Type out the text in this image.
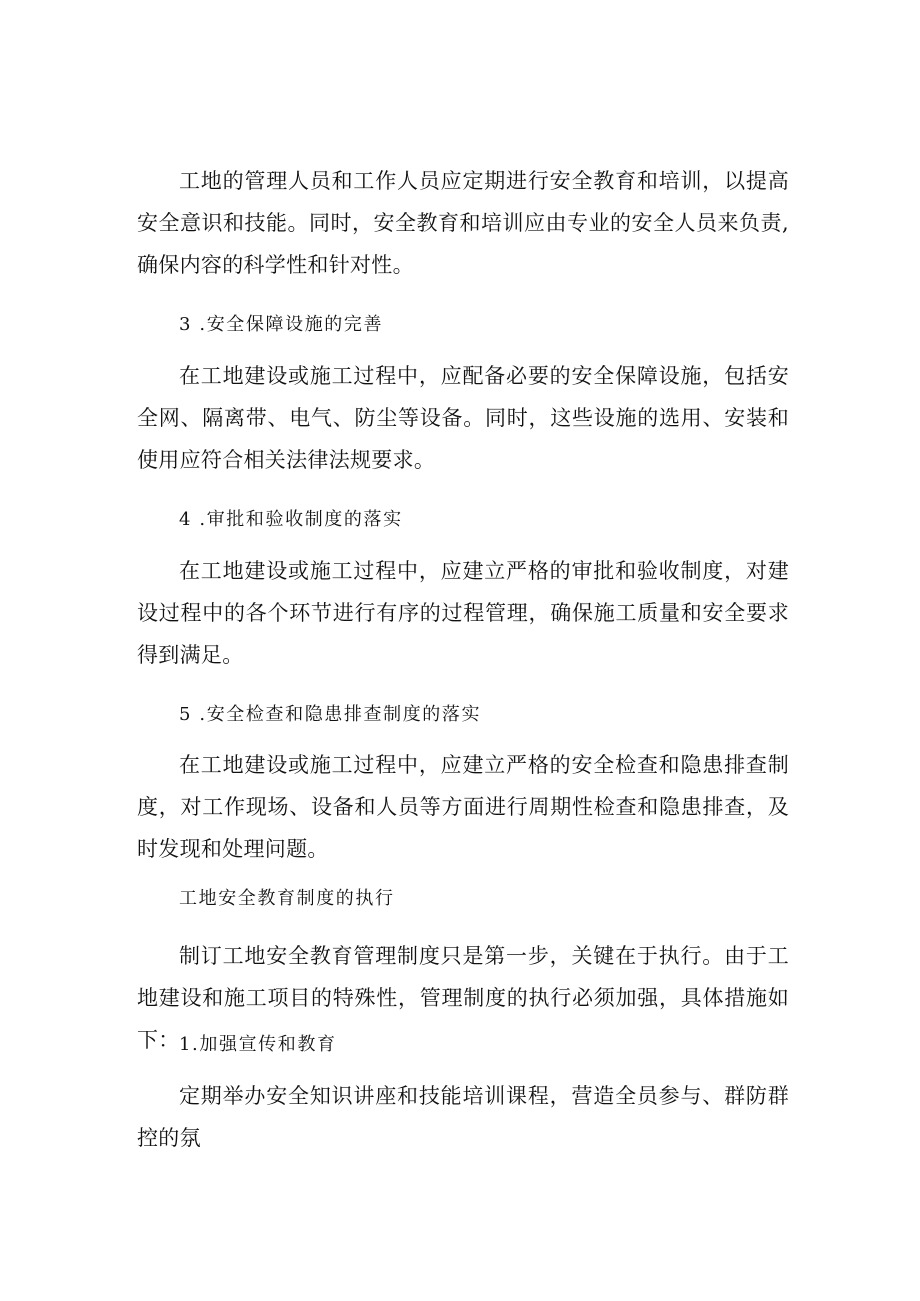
工地的管理人员和工作人员应定期进行安全教育和培训，以提高安全意识和技能。同时，安全教育和培训应由专业的安全人员来负责,确保内容的科学性和针对性。

3 .安全保障设施的完善

在工地建设或施工过程中，应配备必要的安全保障设施，包括安全网、隔离带、电气、防尘等设备。同时，这些设施的选用、安装和使用应符合相关法律法规要求。

4 .审批和验收制度的落实

在工地建设或施工过程中，应建立严格的审批和验收制度，对建设过程中的各个环节进行有序的过程管理，确保施工质量和安全要求得到满足。

5 .安全检查和隐患排查制度的落实

在工地建设或施工过程中，应建立严格的安全检查和隐患排查制度，对工作现场、设备和人员等方面进行周期性检查和隐患排查，及时发现和处理问题。

工地安全教育制度的执行

制订工地安全教育管理制度只是第一步，关键在于执行。由于工地建设和施工项目的特殊性，管理制度的执行必须加强，具体措施如下： 1.加强宣传和教育

定期举办安全知识讲座和技能培训课程，营造全员参与、群防群控的氛
